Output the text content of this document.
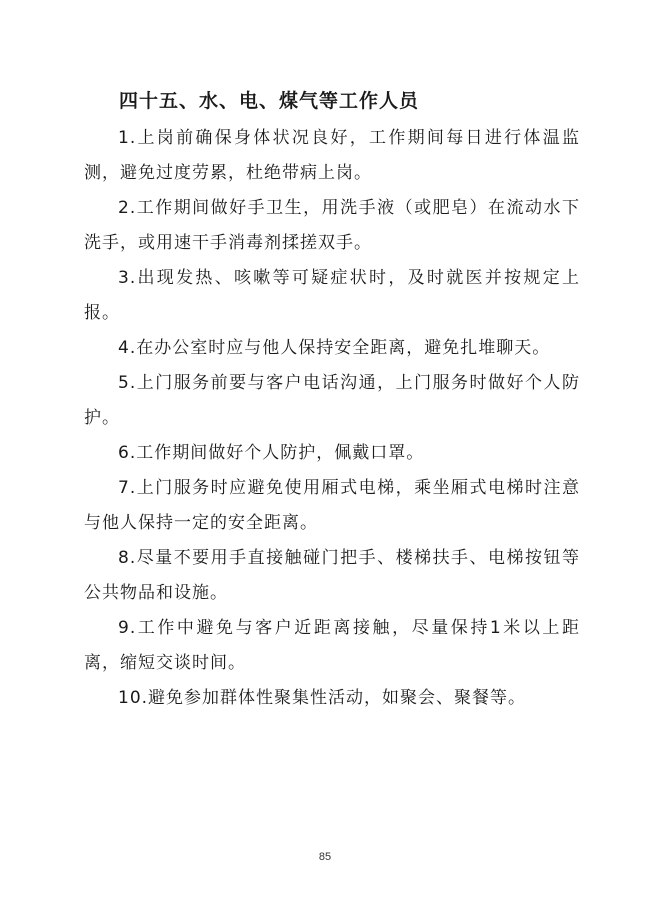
四十五、水、电、煤气等工作人员

1.上岗前确保身体状况良好，工作期间每日进行体温监测，避免过度劳累，杜绝带病上岗。

2.工作期间做好手卫生，用洗手液（或肥皂）在流动水下洗手，或用速干手消毒剂揉搓双手。

3.出现发热、咳嗽等可疑症状时，及时就医并按规定上报。

4.在办公室时应与他人保持安全距离，避免扎堆聊天。

5.上门服务前要与客户电话沟通，上门服务时做好个人防护。

6.工作期间做好个人防护，佩戴口罩。

7.上门服务时应避免使用厢式电梯，乘坐厢式电梯时注意与他人保持一定的安全距离。

8.尽量不要用手直接触碰门把手、楼梯扶手、电梯按钮等公共物品和设施。

9.工作中避免与客户近距离接触，尽量保持1米以上距离，缩短交谈时间。

10.避免参加群体性聚集性活动，如聚会、聚餐等。

85
